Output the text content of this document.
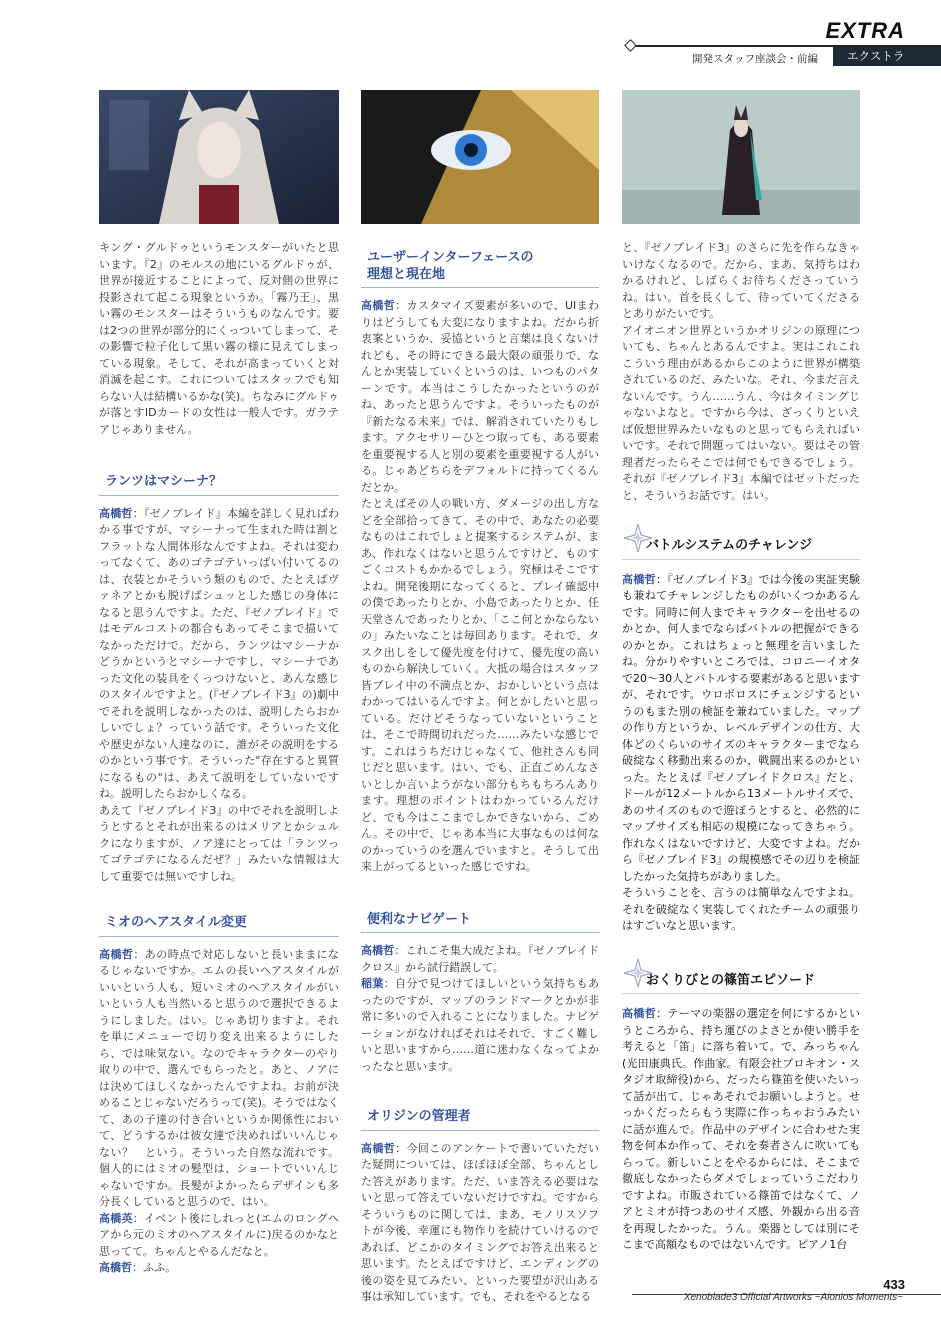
EXTRA
開発スタッフ座談会・前編	エクストラ

キング・グルドゥというモンスターがいたと思います。『2』のモルスの地にいるグルドゥが、世界が接近することによって、反対側の世界に投影されて起こる現象というか。「霧乃王」、黒い霧のモンスターはそういうものなんです。要は2つの世界が部分的にくっついてしまって、その影響で粒子化して黒い霧の様に見えてしまっている現象。そして、それが高まっていくと対消滅を起こす。これについてはスタッフでも知らない人は結構いるかな(笑)。ちなみにグルドゥが落とすIDカードの女性は一般人です。ガラテアじゃありません。

ランツはマシーナ？

高橋哲：『ゼノブレイド』本編を詳しく見ればわかる事ですが、マシーナって生まれた時は割とフラットな人間体形なんですよね。それは変わってなくて、あのゴテゴテいっぱい付いてるのは、衣装とかそういう類のもので、たとえばヴァネアとかも脱げばシュッとした感じの身体になると思うんですよ。ただ、『ゼノブレイド』ではモデルコストの都合もあってそこまで描いてなかっただけで。だから、ランツはマシーナかどうかというとマシーナですし、マシーナであった文化の装具をくっつけないと、あんな感じのスタイルですよと。(『ゼノブレイド3』の)劇中でそれを説明しなかったのは、説明したらおかしいでしょ？っていう話です。そういった文化や歴史がない人達なのに、誰がその説明をするのかという事です。そういった"存在すると異質になるもの"は、あえて説明をしていないですね。説明したらおかしくなる。

あえて『ゼノブレイド3』の中でそれを説明しようとするとそれが出来るのはメリアとかシュルクになりますが、ノア達にとっては「ランツってゴテゴテになるんだぜ？」みたいな情報は大して重要では無いですしね。

ミオのヘアスタイル変更

高橋哲：あの時点で対応しないと長いままになるじゃないですか。エムの長いヘアスタイルがいいという人も、短いミオのヘアスタイルがいいという人も当然いると思うので選択できるようにしました。はい。じゃあ切りますよ。それを単にメニューで切り変え出来るようにしたら、では味気ない。なのでキャラクターのやり取りの中で、選んでもらったと。あと、ノアには決めてほしくなかったんですよね。お前が決めることじゃないだろうって(笑)。そうではなくて、あの子達の付き合いというか関係性において、どうするかは彼女達で決めればいいんじゃない？　という。そういった自然な流れです。個人的にはミオの髪型は、ショートでいいんじゃないですか。長髪がよかったらデザインも多分長くしていると思うので、はい。

高橋英：イベント後にしれっと(エムのロングヘアから元のミオのヘアスタイルに)戻るのかなと思ってて。ちゃんとやるんだなと。

高橋哲：ふふ。

ユーザーインターフェースの
理想と現在地

高橋哲：カスタマイズ要素が多いので、UIまわりはどうしても大変になりますよね。だから折衷案というか、妥協というと言葉は良くないけれども、その時にできる最大限の頑張りで、なんとか実装していくというのは、いつものパターンです。本当はこうしたかったというのがね、あったと思うんですよ。そういったものが『新たなる未来』では、解消されていたりもします。アクセサリーひとつ取っても、ある要素を重要視する人と別の要素を重要視する人がいる。じゃあどちらをデフォルトに持ってくるんだとか。

たとえばその人の戦い方、ダメージの出し方などを全部拾ってきて、その中で、あなたの必要なものはこれでしょと提案するシステムが、まあ、作れなくはないと思うんですけど、ものすごくコストもかかるでしょう。究極はそこですよね。開発後期になってくると、プレイ確認中の僕であったりとか、小島であったりとか、任天堂さんであったりとか、「ここ何とかならないの」みたいなことは毎回あります。それで、タスク出しをして優先度を付けて、優先度の高いものから解決していく。大抵の場合はスタッフ皆プレイ中の不満点とか、おかしいという点はわかってはいるんですよ。何とかしたいと思っている。だけどそうなっていないということは、そこで時間切れだった……みたいな感じです。これはうちだけじゃなくて、他社さんも同じだと思います。はい、でも、正直ごめんなさいとしか言いようがない部分もちもちろんあります。理想のポイントはわかっているんだけど、でも今はここまでしかできないから、ごめん。その中で、じゃあ本当に大事なものは何なのかっていうのを選んでいますと。そうして出来上がってるといった感じですね。

便利なナビゲート

高橋哲：これこそ集大成だよね。『ゼノブレイドクロス』から試行錯誤して。

稲葉：自分で見つけてほしいという気持ちもあったのですが、マップのランドマークとかが非常に多いので入れることになりました。ナビゲーションがなければそれはそれで、すごく難しいと思いますから……道に迷わなくなってよかったなと思います。

オリジンの管理者

高橋哲：今回このアンケートで書いていただいた疑問については、ほぼほぼ全部、ちゃんとした答えがあります。ただ、いま答える必要はないと思って答えていないだけですね。ですからそういうものに関しては、まあ、モノリスソフトが今後、幸運にも物作りを続けていけるのであれば、どこかのタイミングでお答え出来ると思います。たとえばですけど、エンディングの後の姿を見てみたい、といった要望が沢山ある事は承知しています。でも、それをやるとなる

と、『ゼノブレイド3』のさらに先を作らなきゃいけなくなるので。だから、まあ、気持ちはわかるけれど、しばらくお待ちくださっていうね。はい。首を長くして、待っていてくださるとありがたいです。

アイオニオン世界というかオリジンの原理についても、ちゃんとあるんですよ。実はこれこれこういう理由があるからこのように世界が構築されているのだ、みたいな。それ、今まだ言えないんです。うん……うん、今はタイミングじゃないよなと。ですから今は、ざっくりといえば仮想世界みたいなものと思ってもらえればいいです。それで問題ってはいない。要はその管理者だったらそこでは何でもできるでしょう。それが『ゼノブレイド3』本編ではゼットだったと、そういうお話です。はい。

バトルシステムのチャレンジ

高橋哲：『ゼノブレイド3』では今後の実証実験も兼ねてチャレンジしたものがいくつかあるんです。同時に何人までキャラクターを出せるのかとか、何人までならばバトルの把握ができるのかとか。これはちょっと無理を言いましたね。分かりやすいところでは、コロニーイオタで20〜30人とバトルする要素があると思いますが、それです。ウロボロスにチェンジするというのもまた別の検証を兼ねていました。マップの作り方というか、レベルデザインの仕方、大体どのくらいのサイズのキャラクターまでなら破綻なく移動出来るのか、戦闘出来るのかといった。たとえば『ゼノブレイドクロス』だと、ドールが12メートルから13メートルサイズで、あのサイズのもので遊ぼうとすると、必然的にマップサイズも相応の規模になってきちゃう。作れなくはないですけど、大変ですよね。だから『ゼノブレイド3』の規模感でその辺りを検証したかった気持ちがありました。

そういうことを、言うのは簡単なんですよね。それを破綻なく実装してくれたチームの頑張りはすごいなと思います。

おくりびとの篠笛エピソード

高橋哲：テーマの楽器の選定を何にするかというところから、持ち運びのよさとか使い勝手を考えると「笛」に落ち着いて。で、みっちゃん(光田康典氏。作曲家。有限会社プロキオン・スタジオ取締役)から、だったら篠笛を使いたいって話が出て、じゃあそれでお願いしようと。せっかくだったらもう実際に作っちゃおうみたいに話が進んで。作品中のデザインに合わせた実物を何本か作って、それを奏者さんに吹いてもらって。新しいことをやるからには、そこまで徹底しなかったらダメでしょっていうこだわりですよね。市販されている篠笛ではなくて、ノアとミオが持つあのサイズ感、外観から出る音を再現したかった。うん。楽器としては別にそこまで高額なものではないんです。ピアノ1台

433
Xenoblade3 Official Artworks ~Aionios Moments~
